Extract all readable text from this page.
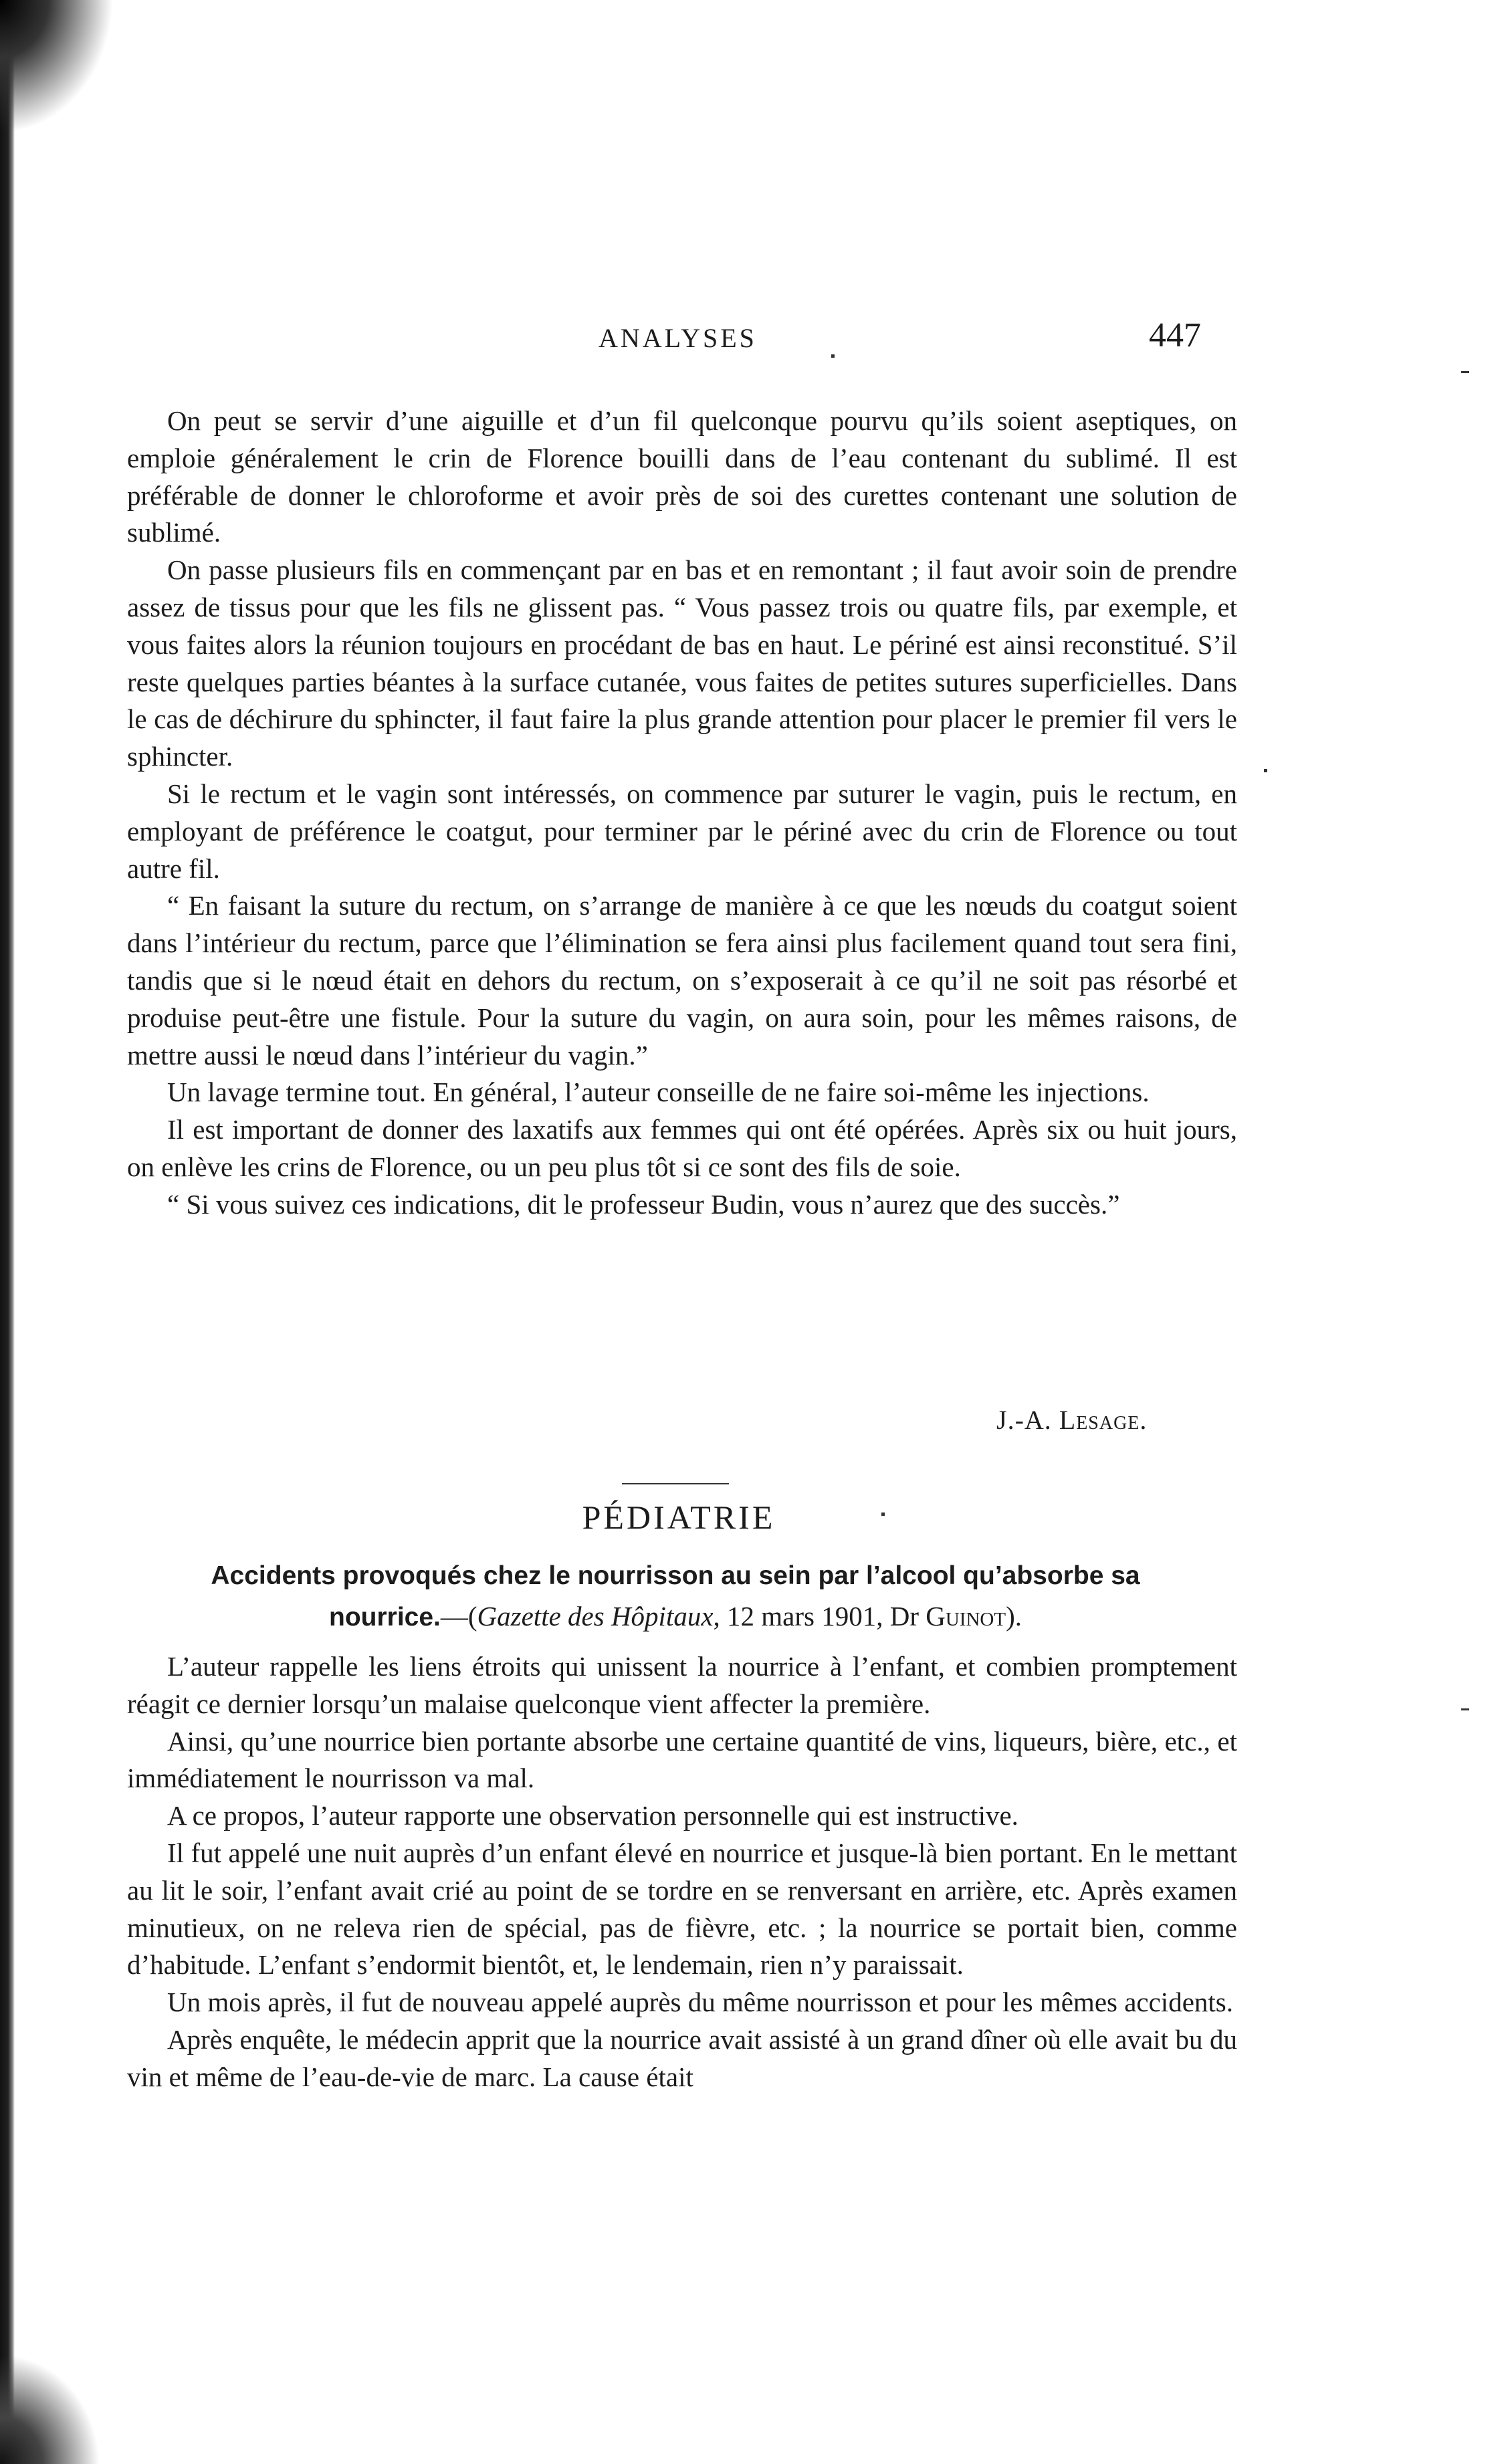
ANALYSES	447

On peut se servir d’une aiguille et d’un fil quelconque pourvu qu’ils soient aseptiques, on emploie généralement le crin de Florence bouilli dans de l’eau contenant du sublimé. Il est préférable de donner le chloroforme et avoir près de soi des curettes contenant une solution de sublimé.

On passe plusieurs fils en commençant par en bas et en remontant ; il faut avoir soin de prendre assez de tissus pour que les fils ne glissent pas. “ Vous passez trois ou quatre fils, par exemple, et vous faites alors la réunion toujours en procédant de bas en haut. Le périné est ainsi reconstitué. S’il reste quelques parties béantes à la surface cutanée, vous faites de petites sutures superficielles. Dans le cas de déchirure du sphincter, il faut faire la plus grande attention pour placer le premier fil vers le sphincter.

Si le rectum et le vagin sont intéressés, on commence par suturer le vagin, puis le rectum, en employant de préférence le coatgut, pour terminer par le périné avec du crin de Florence ou tout autre fil.

“ En faisant la suture du rectum, on s’arrange de manière à ce que les nœuds du coatgut soient dans l’intérieur du rectum, parce que l’élimination se fera ainsi plus facilement quand tout sera fini, tandis que si le nœud était en dehors du rectum, on s’exposerait à ce qu’il ne soit pas résorbé et produise peut-être une fistule. Pour la suture du vagin, on aura soin, pour les mêmes raisons, de mettre aussi le nœud dans l’intérieur du vagin.”

Un lavage termine tout. En général, l’auteur conseille de ne faire soi-même les injections.

Il est important de donner des laxatifs aux femmes qui ont été opérées. Après six ou huit jours, on enlève les crins de Florence, ou un peu plus tôt si ce sont des fils de soie.

“ Si vous suivez ces indications, dit le professeur Budin, vous n’aurez que des succès.”

J.-A. Lesage.
PÉDIATRIE
Accidents provoqués chez le nourrisson au sein par l’alcool qu’absorbe sa nourrice.—(Gazette des Hôpitaux, 12 mars 1901, Dr Guinot).

L’auteur rappelle les liens étroits qui unissent la nourrice à l’enfant, et combien promptement réagit ce dernier lorsqu’un malaise quelconque vient affecter la première.

Ainsi, qu’une nourrice bien portante absorbe une certaine quantité de vins, liqueurs, bière, etc., et immédiatement le nourrisson va mal.

A ce propos, l’auteur rapporte une observation personnelle qui est instructive.

Il fut appelé une nuit auprès d’un enfant élevé en nourrice et jusque-là bien portant. En le mettant au lit le soir, l’enfant avait crié au point de se tordre en se renversant en arrière, etc. Après examen minutieux, on ne releva rien de spécial, pas de fièvre, etc. ; la nourrice se portait bien, comme d’habitude. L’enfant s’endormit bientôt, et, le lendemain, rien n’y paraissait.

Un mois après, il fut de nouveau appelé auprès du même nourrisson et pour les mêmes accidents.

Après enquête, le médecin apprit que la nourrice avait assisté à un grand dîner où elle avait bu du vin et même de l’eau-de-vie de marc. La cause était
